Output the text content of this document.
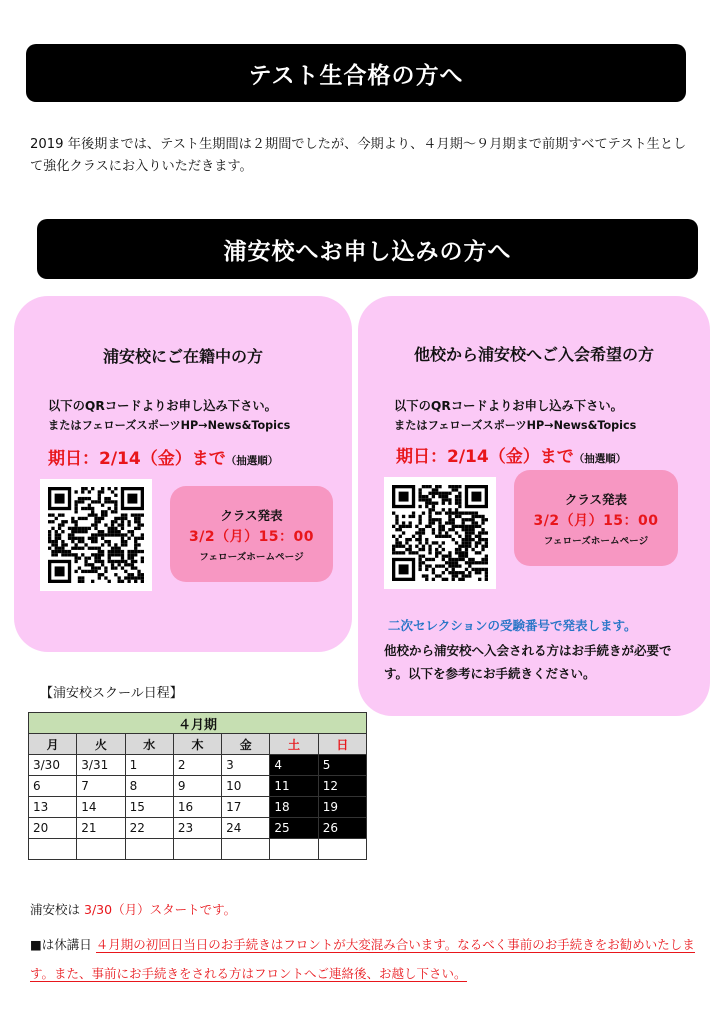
テスト生合格の方へ
2019 年後期までは、テスト生期間は２期間でしたが、今期より、４月期〜９月期まで前期すべてテスト生として強化クラスにお入りいただきます。
浦安校へお申し込みの方へ
浦安校にご在籍中の方
以下のQRコードよりお申し込み下さい。
またはフェローズスポーツHP→News&Topics
期日：2/14（金）まで（抽選順）
クラス発表
3/2（月）15：00
フェローズホームページ
他校から浦安校へご入会希望の方
以下のQRコードよりお申し込み下さい。
またはフェローズスポーツHP→News&Topics
期日：2/14（金）まで（抽選順）
クラス発表
3/2（月）15：00
フェローズホームページ
二次セレクションの受験番号で発表します。
他校から浦安校へ入会される方はお手続きが必要です。以下を参考にお手続きください。
【浦安校スクール日程】
４月期						
月	火	水	木	金	土	日
3/30	3/31	1	2	3	4	5
6	7	8	9	10	11	12
13	14	15	16	17	18	19
20	21	22	23	24	25	26

浦安校は 3/30（月）スタートです。
■は休講日 ４月期の初回日当日のお手続きはフロントが大変混み合います。なるべく事前のお手続きをお勧めいたします。また、事前にお手続きをされる方はフロントへご連絡後、お越し下さい。
